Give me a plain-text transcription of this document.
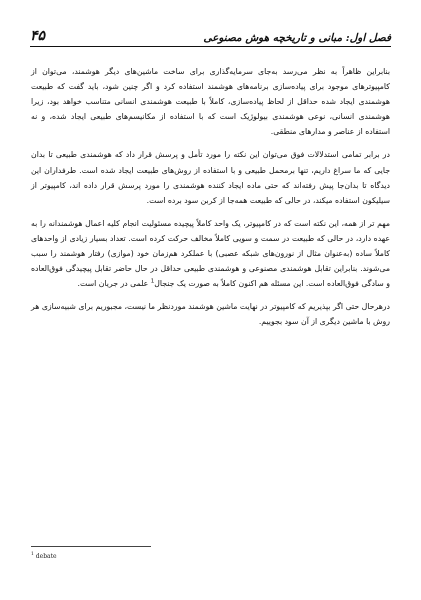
فصل اول: مبانی و تاریخچه هوش مصنوعی
۴۵

بنابراین ظاهراً به نظر می‌رسد به‌جای سرمایه‌گذاری برای ساخت ماشین‌های دیگر هوشمند، می‌توان از کامپیوترهای موجود برای پیاده‌سازی برنامه‌های هوشمند استفاده کرد و اگر چنین شود، باید گفت که طبیعت هوشمندی ایجاد شده حداقل از لحاظ پیاده‌سازی، کاملاً با طبیعت هوشمندی انسانی متناسب خواهد بود، زیرا هوشمندی انسانی، نوعی هوشمندی بیولوژیک است که با استفاده از مکانیسم‌های طبیعی ایجاد شده، و نه استفاده از عناصر و مدارهای منطقی.

در برابر تمامی استدلالات فوق می‌توان این نکته را مورد تأمل و پرسش قرار داد که هوشمندی طبیعی تا بدان جایی که ما سراغ داریم، تنها برمحمل طبیعی و با استفاده از روش‌های طبیعت ایجاد شده است. طرفداران این دیدگاه تا بدان‌جا پیش رفته‌اند که حتی ماده ایجاد کننده هوشمندی را مورد پرسش قرار داده اند، کامپیوتر از سیلیکون استفاده میکند، در حالی که طبیعت همه‌جا از کربن سود برده است.

مهم تر از همه، این نکته است که در کامپیوتر، یک واحد کاملاً پیچیده مسئولیت انجام کلیه اعمال هوشمندانه را به عهده دارد، در حالی که طبیعت در سمت و سویی کاملاً مخالف حرکت کرده است. تعداد بسیار زیادی از واحدهای کاملاً ساده (به‌عنوان مثال از نورون‌های شبکه عصبی) با عملکرد هم‌زمان خود (موازی) رفتار هوشمند را سبب می‌شوند. بنابراین تقابل هوشمندی مصنوعی و هوشمندی طبیعی حداقل در حال حاضر تقابل پیچیدگی فوق‌العاده و سادگی فوق‌العاده است. این مسئله هم اکنون کاملاً به صورت یک جنجال$^1$ علمی در جریان است.

درهرحال حتی اگر بپذیریم که کامپیوتر در نهایت ماشین هوشمند موردنظر ما نیست، مجبوریم برای شبیه‌سازی هر روش با ماشین دیگری از آن سود بجوییم.

$^1$ debate
